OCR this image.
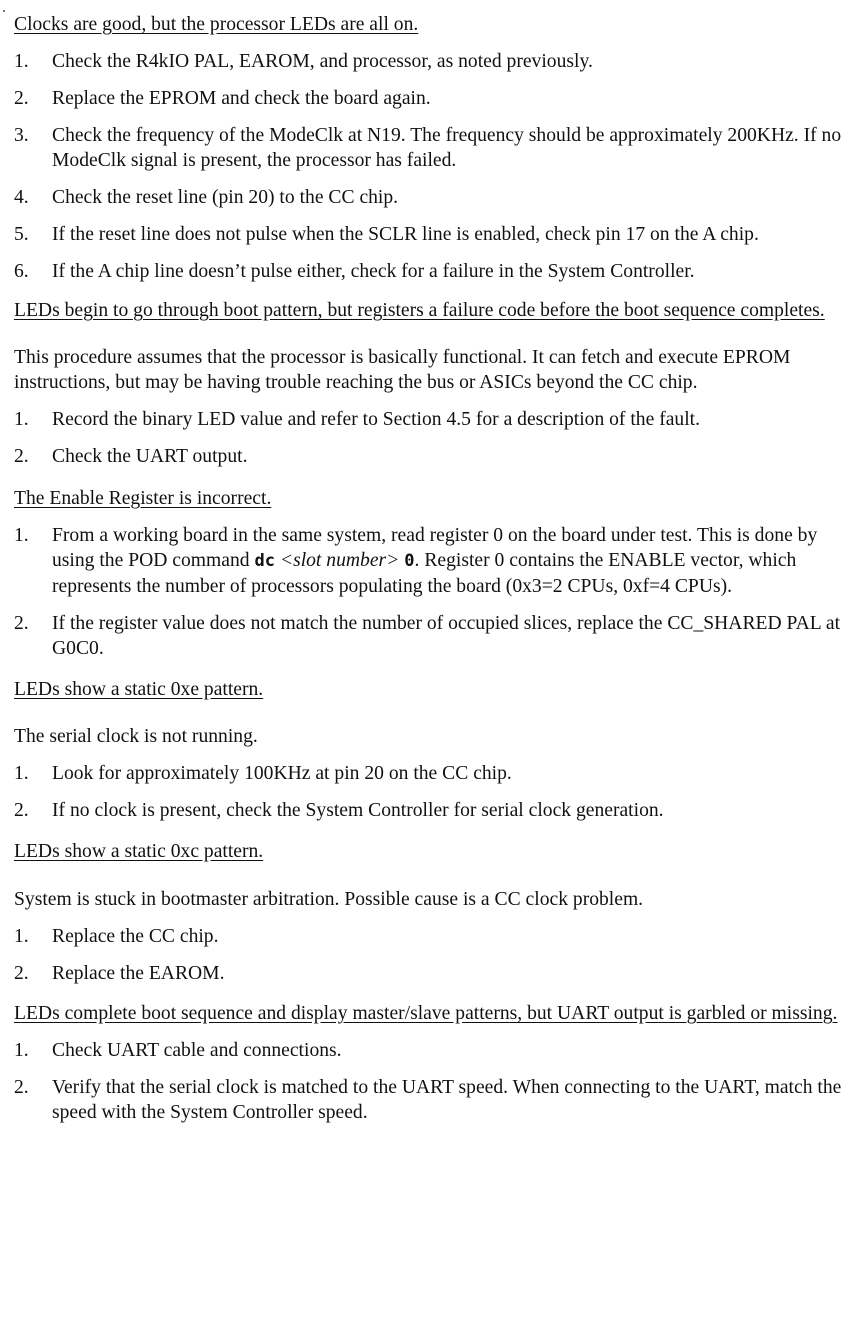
Clocks are good, but the processor LEDs are all on.

1.	Check the R4kIO PAL, EAROM, and processor, as noted previously.
2.	Replace the EPROM and check the board again.
3.	Check the frequency of the ModeClk at N19. The frequency should be approximately 200KHz. If no ModeClk signal is present, the processor has failed.
4.	Check the reset line (pin 20) to the CC chip.
5.	If the reset line does not pulse when the SCLR line is enabled, check pin 17 on the A chip.
6.	If the A chip line doesn’t pulse either, check for a failure in the System Controller.

LEDs begin to go through boot pattern, but registers a failure code before the boot sequence completes.

This procedure assumes that the processor is basically functional. It can fetch and execute EPROM instructions, but may be having trouble reaching the bus or ASICs beyond the CC chip.

1.	Record the binary LED value and refer to Section 4.5 for a description of the fault.
2.	Check the UART output.

The Enable Register is incorrect.

1.	From a working board in the same system, read register 0 on the board under test. This is done by using the POD command dc <slot number> 0. Register 0 contains the ENABLE vector, which represents the number of processors populating the board (0x3=2 CPUs, 0xf=4 CPUs).
2.	If the register value does not match the number of occupied slices, replace the CC_SHARED PAL at G0C0.

LEDs show a static 0xe pattern.

The serial clock is not running.

1.	Look for approximately 100KHz at pin 20 on the CC chip.
2.	If no clock is present, check the System Controller for serial clock generation.

LEDs show a static 0xc pattern.

System is stuck in bootmaster arbitration. Possible cause is a CC clock problem.

1.	Replace the CC chip.
2.	Replace the EAROM.

LEDs complete boot sequence and display master/slave patterns, but UART output is garbled or missing.

1.	Check UART cable and connections.
2.	Verify that the serial clock is matched to the UART speed. When connecting to the UART, match the speed with the System Controller speed.
